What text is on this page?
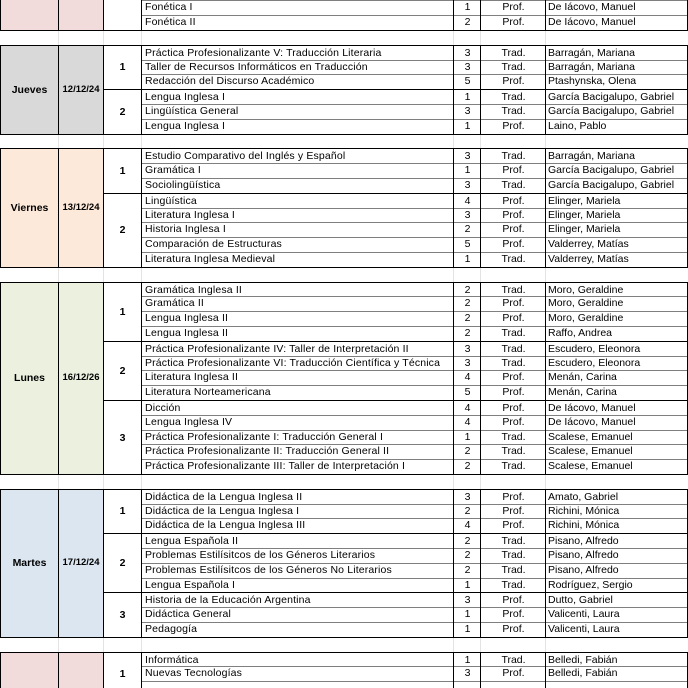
Fonética I	1	Prof.	De Iácovo, Manuel
Fonética II	2	Prof.	De Iácovo, Manuel
Jueves	12/12/24
1
Práctica Profesionalizante V: Traducción Literaria	3	Trad.	Barragán, Mariana
Taller de Recursos Informáticos en Traducción	3	Trad.	Barragán, Mariana
Redacción del Discurso Académico	5	Prof.	Ptashynska, Olena
2
Lengua Inglesa I	1	Trad.	García Bacigalupo, Gabriel
Lingüística General	3	Trad.	García Bacigalupo, Gabriel
Lengua Inglesa I	1	Prof.	Laino, Pablo
Viernes	13/12/24
1
Estudio Comparativo del Inglés y Español	3	Trad.	Barragán, Mariana
Gramática I	1	Prof.	García Bacigalupo, Gabriel
Sociolingüística	3	Trad.	García Bacigalupo, Gabriel
2
Lingüística	4	Prof.	Elinger, Mariela
Literatura Inglesa I	3	Prof.	Elinger, Mariela
Historia Inglesa I	2	Prof.	Elinger, Mariela
Comparación de Estructuras	5	Prof.	Valderrey, Matías
Literatura Inglesa Medieval	1	Trad.	Valderrey, Matías
Lunes	16/12/26
1
Gramática Inglesa II	2	Trad.	Moro, Geraldine
Gramática II	2	Prof.	Moro, Geraldine
Lengua Inglesa II	2	Prof.	Moro, Geraldine
Lengua Inglesa II	2	Trad.	Raffo, Andrea
2
Práctica Profesionalizante IV: Taller de Interpretación II	3	Trad.	Escudero, Eleonora
Práctica Profesionalizante VI: Traducción Científica y Técnica	3	Trad.	Escudero, Eleonora
Literatura Inglesa II	4	Prof.	Menán, Carina
Literatura Norteamericana	5	Prof.	Menán, Carina
3
Dicción	4	Prof.	De Iácovo, Manuel
Lengua Inglesa IV	4	Prof.	De Iácovo, Manuel
Práctica Profesionalizante I: Traducción General I	1	Trad.	Scalese, Emanuel
Práctica Profesionalizante II: Traducción General II	2	Trad.	Scalese, Emanuel
Práctica Profesionalizante III: Taller de Interpretación I	2	Trad.	Scalese, Emanuel
Martes	17/12/24
1
Didáctica de la Lengua Inglesa II	3	Prof.	Amato, Gabriel
Didáctica de la Lengua Inglesa I	2	Prof.	Richini, Mónica
Didáctica de la Lengua Inglesa III	4	Prof.	Richini, Mónica
2
Lengua Española II	2	Trad.	Pisano, Alfredo
Problemas Estilísitcos de los Géneros Literarios	2	Trad.	Pisano, Alfredo
Problemas Estilísitcos de los Géneros No Literarios	2	Trad.	Pisano, Alfredo
Lengua Española I	1	Trad.	Rodríguez, Sergio
3
Historia de la Educación Argentina	3	Prof.	Dutto, Gabriel
Didáctica General	1	Prof.	Valicenti, Laura
Pedagogía	1	Prof.	Valicenti, Laura
1
Informática	1	Trad.	Belledi, Fabián
Nuevas Tecnologías	3	Prof.	Belledi, Fabián
